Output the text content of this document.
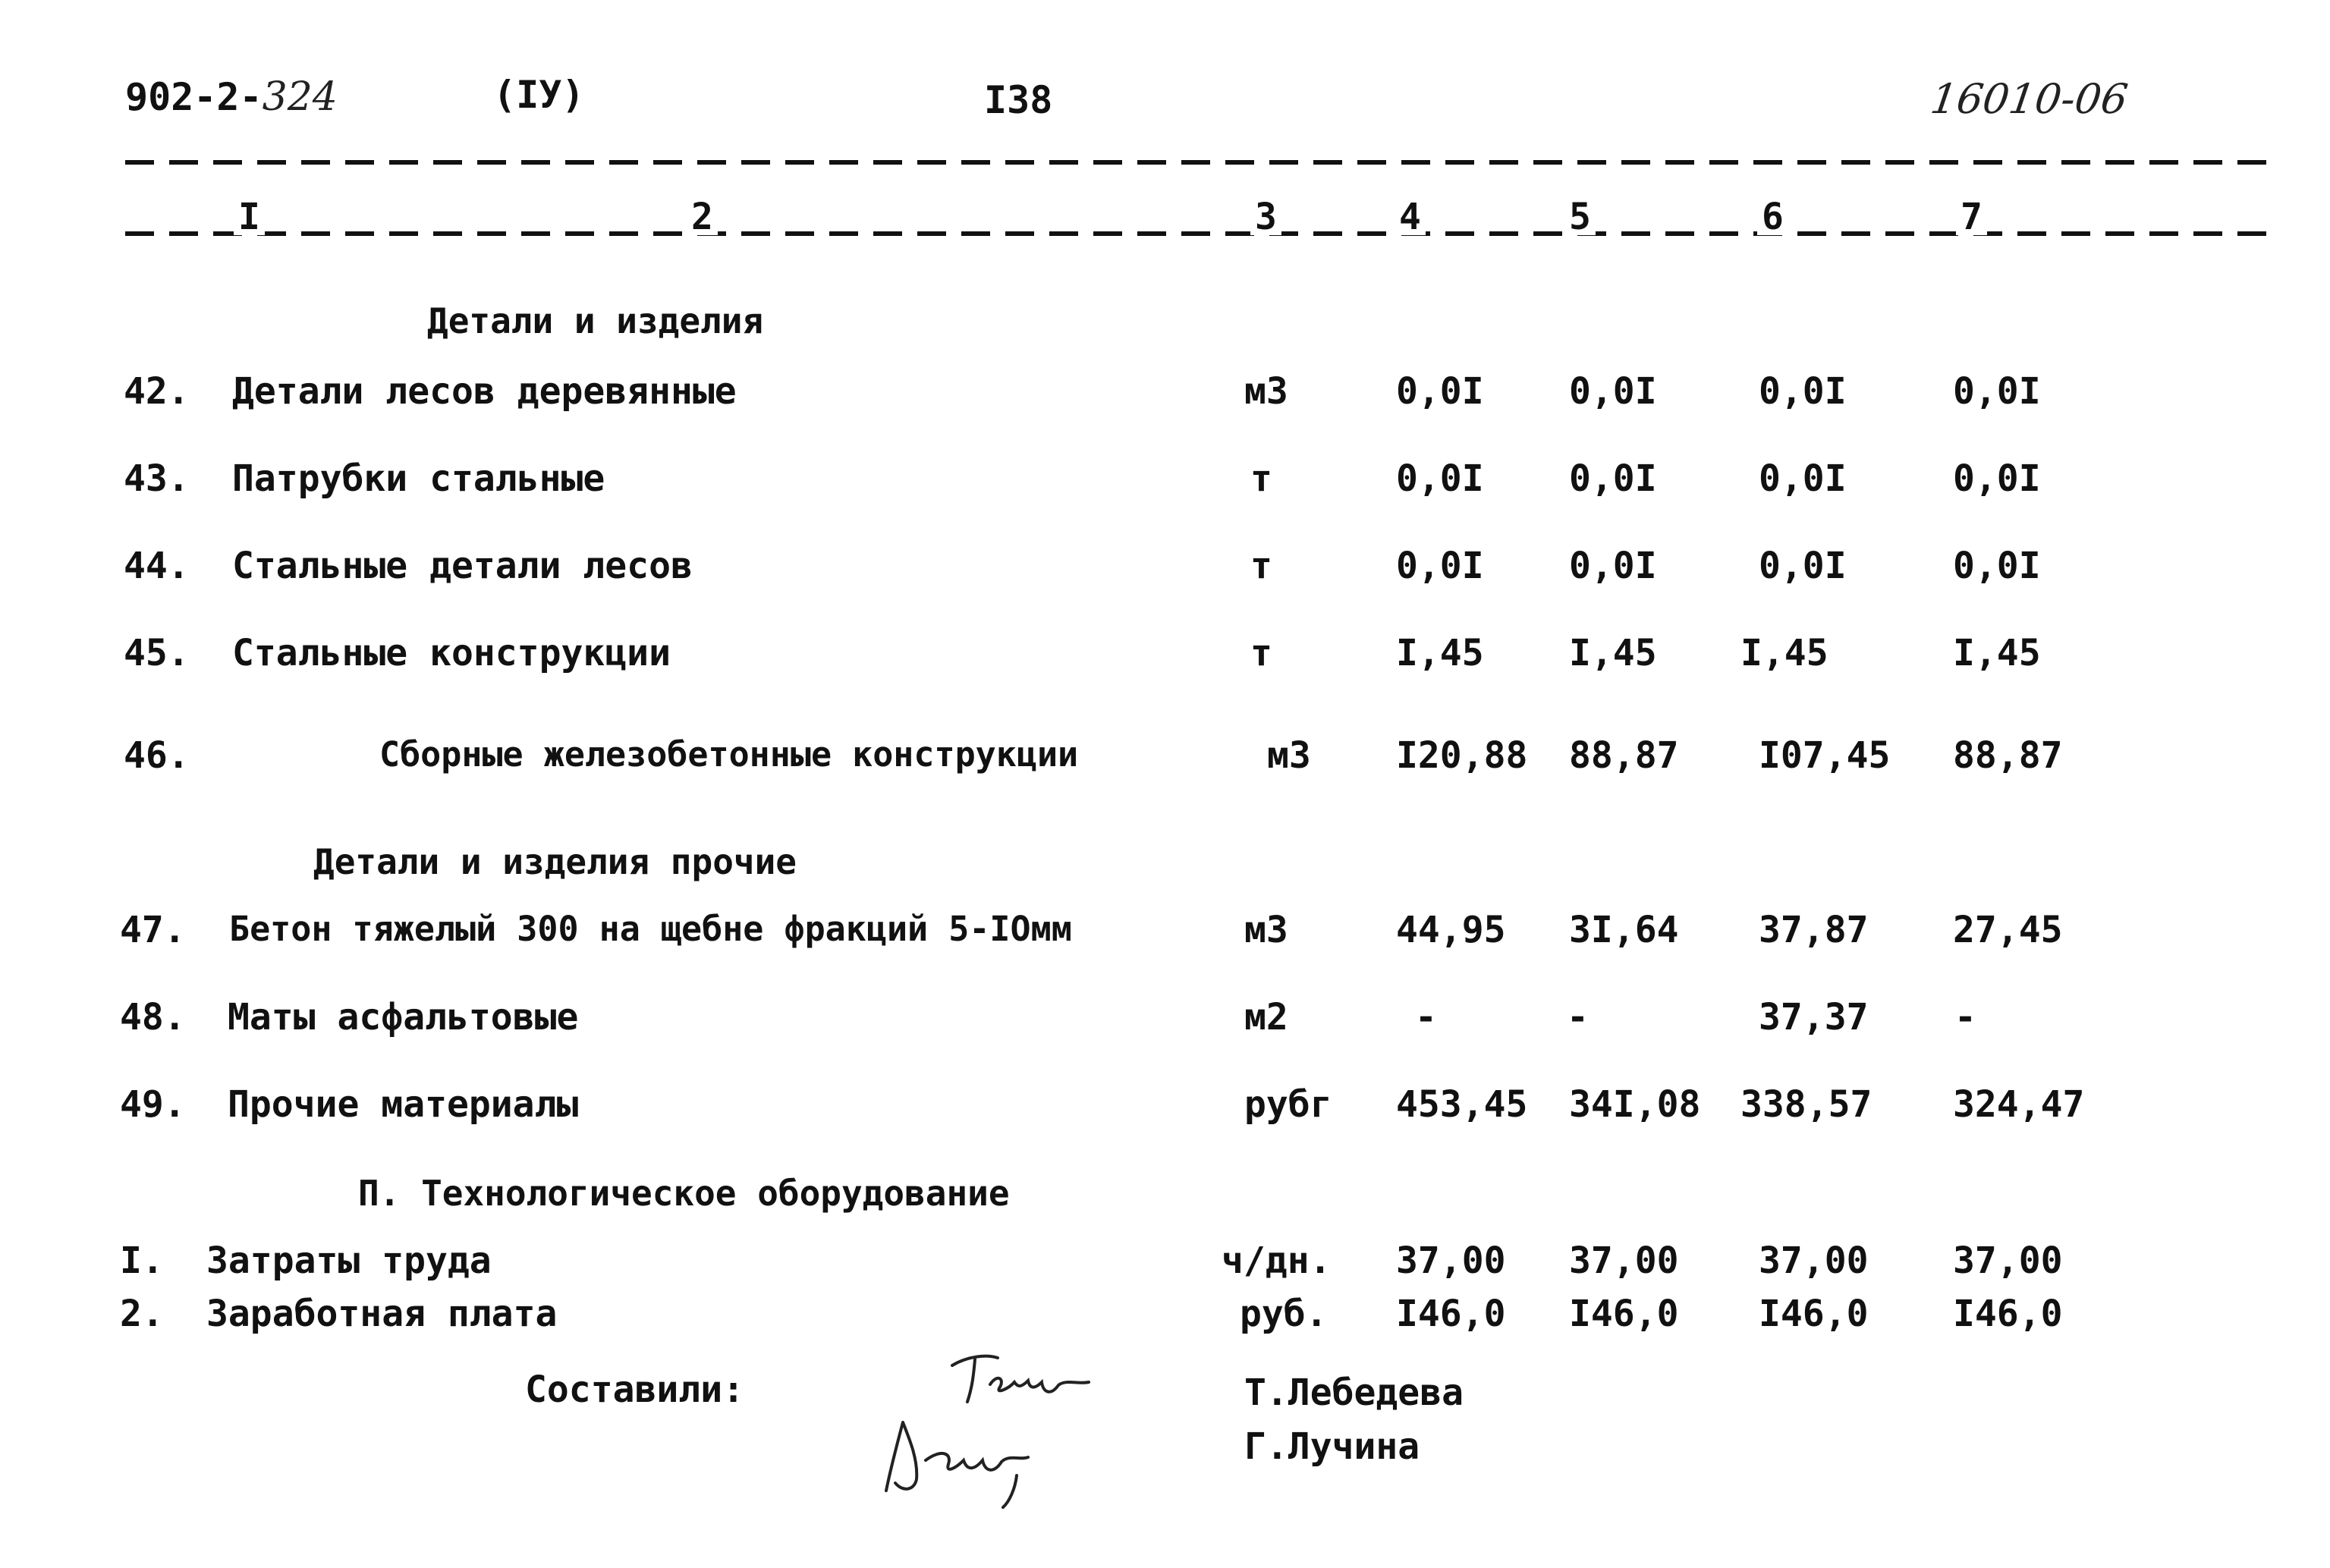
902-2-324	(IУ)	I38	16010-06
I	2	3	4	5	6	7
Детали и изделия
42. Детали лесов деревянные	м3	0,0I 0,0I	0,0I	0,0I
43. Патрубки стальные	т	0,0I 0,0I	0,0I	0,0I
44. Стальные детали лесов	т	0,0I 0,0I	0,0I	0,0I
45. Стальные конструкции	т	I,45 I,45 I,45	I,45
46.	Сборные железобетонные конструкции	м3 I20,88 88,87 I07,45 88,87
Детали и изделия прочие
47. Бетон тяжелый 300 на щебне фракций 5-IOмм	м3	44,95 3I,64 37,87 27,45
48. Маты асфальтовые	м2	-	-	37,37 -
49. Прочие материалы	рубг 453,45 34I,08 338,57 324,47
П. Технологическое оборудование
I. Затраты труда	ч/дн. 37,00 37,00 37,00 37,00
2. Заработная плата	руб. I46,0 I46,0 I46,0 I46,0
Составили:	Т.Лебедева
Г.Лучина
